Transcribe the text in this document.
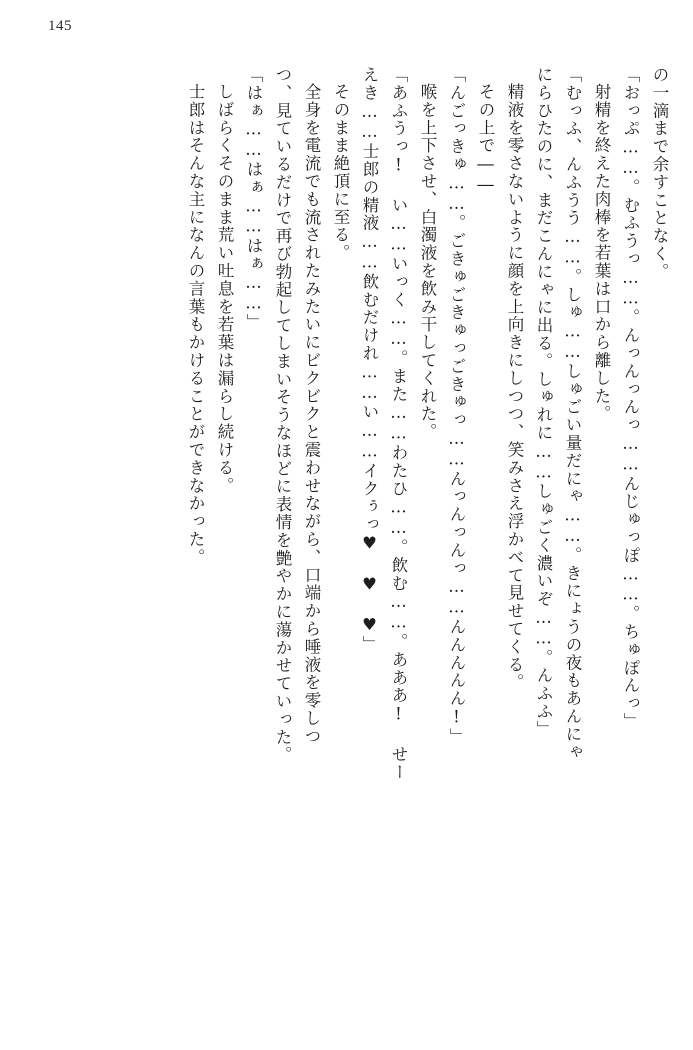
145
の一滴まで余すことなく。
「おっぷ……。むふうっ……。んっんっんっ……んじゅっぽ……。ちゅぽんっ」
射精を終えた肉棒を若葉は口から離した。
「むっふ、んふうう……。しゅ……しゅごい量だにゃ……。きにょうの夜もあんにゃ
にらひたのに、まだこんにゃに出る。しゅれに……しゅごく濃いぞ……。んふふ」
精液を零さないように顔を上向きにしつつ、笑みさえ浮かべて見せてくる。
その上で――
「んごっきゅ……。ごきゅごきゅっごきゅっ……んっんっんっ……んんんんん!」
喉を上下させ、白濁液を飲み干してくれた。
「あふうっ! い……いっく……。また……わたひ……。飲む……。あああ! せー
えき……士郎の精液……飲むだけれ……い……イクぅっ♥ ♥ ♥」
そのまま絶頂に至る。
全身を電流でも流されたみたいにビクビクと震わせながら、口端から唾液を零しつ
つ、見ているだけで再び勃起してしまいそうなほどに表情を艶やかに蕩かせていった。
「はぁ……はぁ……はぁ……」
しばらくそのまま荒い吐息を若葉は漏らし続ける。
士郎はそんな主になんの言葉もかけることができなかった。
